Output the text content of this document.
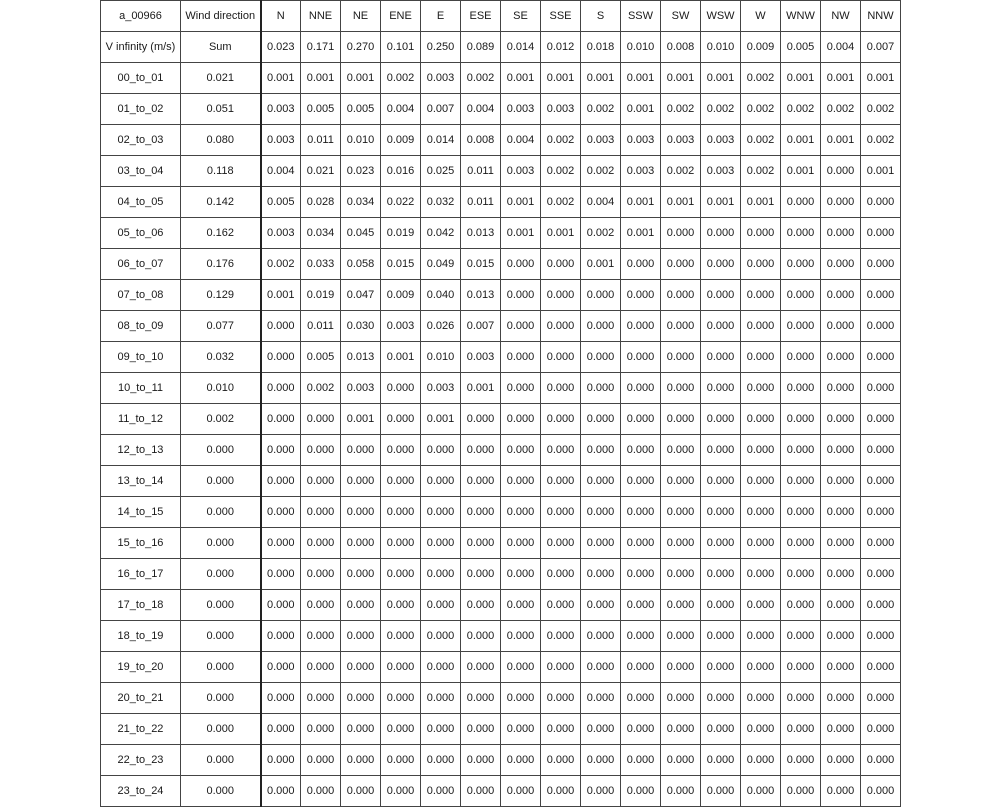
a_00966	Wind direction	N	NNE	NE	ENE	E	ESE	SE	SSE	S	SSW	SW	WSW	W	WNW	NW	NNW
V infinity (m/s)	Sum	0.023	0.171	0.270	0.101	0.250	0.089	0.014	0.012	0.018	0.010	0.008	0.010	0.009	0.005	0.004	0.007
00_to_01	0.021	0.001	0.001	0.001	0.002	0.003	0.002	0.001	0.001	0.001	0.001	0.001	0.001	0.002	0.001	0.001	0.001
01_to_02	0.051	0.003	0.005	0.005	0.004	0.007	0.004	0.003	0.003	0.002	0.001	0.002	0.002	0.002	0.002	0.002	0.002
02_to_03	0.080	0.003	0.011	0.010	0.009	0.014	0.008	0.004	0.002	0.003	0.003	0.003	0.003	0.002	0.001	0.001	0.002
03_to_04	0.118	0.004	0.021	0.023	0.016	0.025	0.011	0.003	0.002	0.002	0.003	0.002	0.003	0.002	0.001	0.000	0.001
04_to_05	0.142	0.005	0.028	0.034	0.022	0.032	0.011	0.001	0.002	0.004	0.001	0.001	0.001	0.001	0.000	0.000	0.000
05_to_06	0.162	0.003	0.034	0.045	0.019	0.042	0.013	0.001	0.001	0.002	0.001	0.000	0.000	0.000	0.000	0.000	0.000
06_to_07	0.176	0.002	0.033	0.058	0.015	0.049	0.015	0.000	0.000	0.001	0.000	0.000	0.000	0.000	0.000	0.000	0.000
07_to_08	0.129	0.001	0.019	0.047	0.009	0.040	0.013	0.000	0.000	0.000	0.000	0.000	0.000	0.000	0.000	0.000	0.000
08_to_09	0.077	0.000	0.011	0.030	0.003	0.026	0.007	0.000	0.000	0.000	0.000	0.000	0.000	0.000	0.000	0.000	0.000
09_to_10	0.032	0.000	0.005	0.013	0.001	0.010	0.003	0.000	0.000	0.000	0.000	0.000	0.000	0.000	0.000	0.000	0.000
10_to_11	0.010	0.000	0.002	0.003	0.000	0.003	0.001	0.000	0.000	0.000	0.000	0.000	0.000	0.000	0.000	0.000	0.000
11_to_12	0.002	0.000	0.000	0.001	0.000	0.001	0.000	0.000	0.000	0.000	0.000	0.000	0.000	0.000	0.000	0.000	0.000
12_to_13	0.000	0.000	0.000	0.000	0.000	0.000	0.000	0.000	0.000	0.000	0.000	0.000	0.000	0.000	0.000	0.000	0.000
13_to_14	0.000	0.000	0.000	0.000	0.000	0.000	0.000	0.000	0.000	0.000	0.000	0.000	0.000	0.000	0.000	0.000	0.000
14_to_15	0.000	0.000	0.000	0.000	0.000	0.000	0.000	0.000	0.000	0.000	0.000	0.000	0.000	0.000	0.000	0.000	0.000
15_to_16	0.000	0.000	0.000	0.000	0.000	0.000	0.000	0.000	0.000	0.000	0.000	0.000	0.000	0.000	0.000	0.000	0.000
16_to_17	0.000	0.000	0.000	0.000	0.000	0.000	0.000	0.000	0.000	0.000	0.000	0.000	0.000	0.000	0.000	0.000	0.000
17_to_18	0.000	0.000	0.000	0.000	0.000	0.000	0.000	0.000	0.000	0.000	0.000	0.000	0.000	0.000	0.000	0.000	0.000
18_to_19	0.000	0.000	0.000	0.000	0.000	0.000	0.000	0.000	0.000	0.000	0.000	0.000	0.000	0.000	0.000	0.000	0.000
19_to_20	0.000	0.000	0.000	0.000	0.000	0.000	0.000	0.000	0.000	0.000	0.000	0.000	0.000	0.000	0.000	0.000	0.000
20_to_21	0.000	0.000	0.000	0.000	0.000	0.000	0.000	0.000	0.000	0.000	0.000	0.000	0.000	0.000	0.000	0.000	0.000
21_to_22	0.000	0.000	0.000	0.000	0.000	0.000	0.000	0.000	0.000	0.000	0.000	0.000	0.000	0.000	0.000	0.000	0.000
22_to_23	0.000	0.000	0.000	0.000	0.000	0.000	0.000	0.000	0.000	0.000	0.000	0.000	0.000	0.000	0.000	0.000	0.000
23_to_24	0.000	0.000	0.000	0.000	0.000	0.000	0.000	0.000	0.000	0.000	0.000	0.000	0.000	0.000	0.000	0.000	0.000
